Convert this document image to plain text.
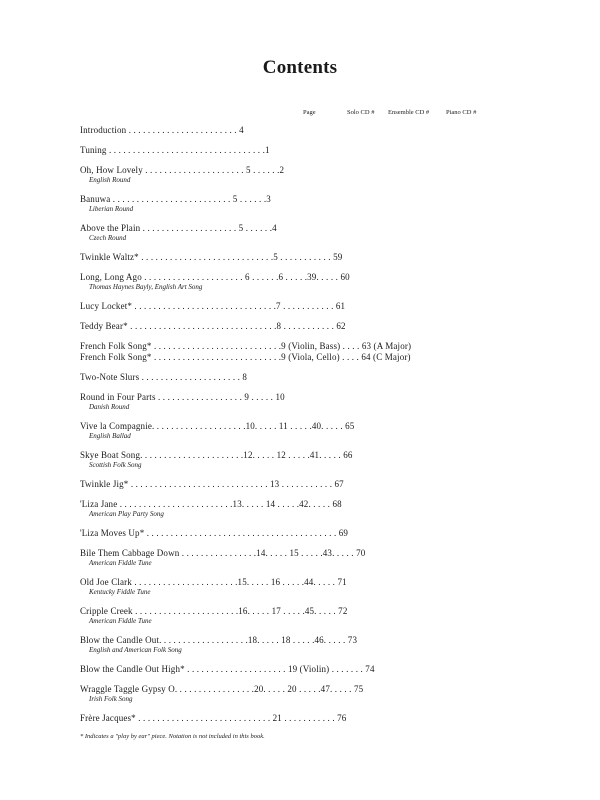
Contents
Page	Solo CD # Ensemble CD #	Piano CD #
Introduction . . . . . . . . . . . . . . . . . . . . . . . 4
Tuning . . . . . . . . . . . . . . . . . . . . . . . . . . . . . . . . .1
Oh, How Lovely . . . . . . . . . . . . . . . . . . . . . 5 . . . . . .2
English Round
Banuwa . . . . . . . . . . . . . . . . . . . . . . . . . 5 . . . . . .3
Liberian Round
Above the Plain . . . . . . . . . . . . . . . . . . . . 5 . . . . . .4
Czech Round
Twinkle Waltz* . . . . . . . . . . . . . . . . . . . . . . . . . . . .5 . . . . . . . . . . . 59
Long, Long Ago . . . . . . . . . . . . . . . . . . . . . 6 . . . . . .6 . . . . .39. . . . . 60
Thomas Haynes Bayly, English Art Song
Lucy Locket* . . . . . . . . . . . . . . . . . . . . . . . . . . . . . .7 . . . . . . . . . . . 61
Teddy Bear* . . . . . . . . . . . . . . . . . . . . . . . . . . . . . . .8 . . . . . . . . . . . 62
French Folk Song* . . . . . . . . . . . . . . . . . . . . . . . . . . .9 (Violin, Bass) . . . . 63 (A Major)
French Folk Song* . . . . . . . . . . . . . . . . . . . . . . . . . . .9 (Viola, Cello) . . . . 64 (C Major)
Two-Note Slurs . . . . . . . . . . . . . . . . . . . . . 8
Round in Four Parts . . . . . . . . . . . . . . . . . . 9 . . . . . 10
Danish Round
Vive la Compagnie. . . . . . . . . . . . . . . . . . . .10. . . . . 11 . . . . .40. . . . . 65
English Ballad
Skye Boat Song. . . . . . . . . . . . . . . . . . . . . .12. . . . . 12 . . . . .41. . . . . 66
Scottish Folk Song
Twinkle Jig* . . . . . . . . . . . . . . . . . . . . . . . . . . . . . 13 . . . . . . . . . . . 67
'Liza Jane . . . . . . . . . . . . . . . . . . . . . . . .13. . . . . 14 . . . . .42. . . . . 68
American Play Party Song
'Liza Moves Up* . . . . . . . . . . . . . . . . . . . . . . . . . . . . . . . . . . . . . . . . 69
Bile Them Cabbage Down . . . . . . . . . . . . . . . .14. . . . . 15 . . . . .43. . . . . 70
American Fiddle Tune
Old Joe Clark . . . . . . . . . . . . . . . . . . . . . .15. . . . . 16 . . . . .44. . . . . 71
Kentucky Fiddle Tune
Cripple Creek . . . . . . . . . . . . . . . . . . . . . .16. . . . . 17 . . . . .45. . . . . 72
American Fiddle Tune
Blow the Candle Out. . . . . . . . . . . . . . . . . . .18. . . . . 18 . . . . .46. . . . . 73
English and American Folk Song
Blow the Candle Out High* . . . . . . . . . . . . . . . . . . . . . 19 (Violin) . . . . . . . 74
Wraggle Taggle Gypsy O. . . . . . . . . . . . . . . . .20. . . . . 20 . . . . .47. . . . . 75
Irish Folk Song
Frère Jacques* . . . . . . . . . . . . . . . . . . . . . . . . . . . . 21 . . . . . . . . . . . 76
* Indicates a "play by ear" piece. Notation is not included in this book.
